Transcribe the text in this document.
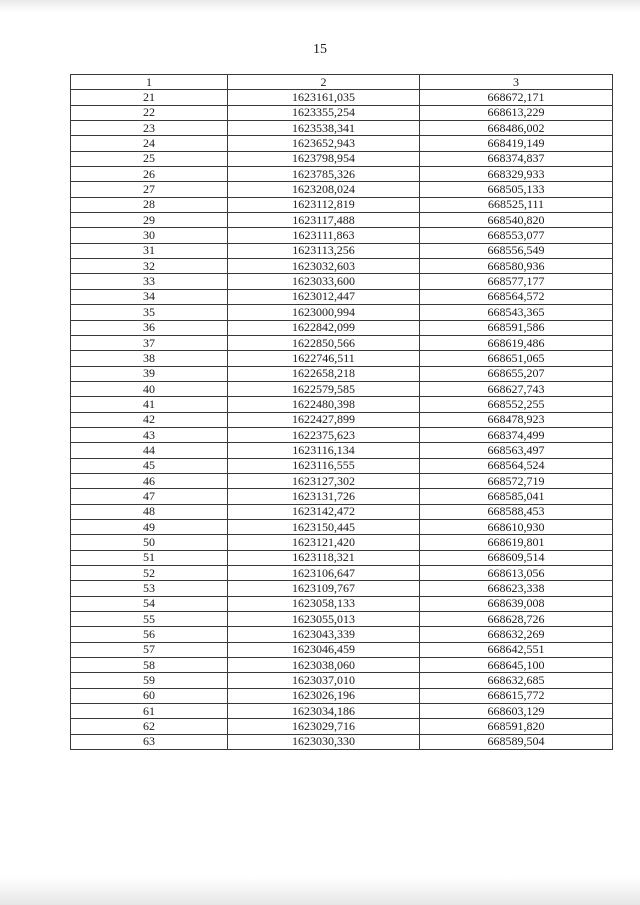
15
1	2	3
21	1623161,035	668672,171
22	1623355,254	668613,229
23	1623538,341	668486,002
24	1623652,943	668419,149
25	1623798,954	668374,837
26	1623785,326	668329,933
27	1623208,024	668505,133
28	1623112,819	668525,111
29	1623117,488	668540,820
30	1623111,863	668553,077
31	1623113,256	668556,549
32	1623032,603	668580,936
33	1623033,600	668577,177
34	1623012,447	668564,572
35	1623000,994	668543,365
36	1622842,099	668591,586
37	1622850,566	668619,486
38	1622746,511	668651,065
39	1622658,218	668655,207
40	1622579,585	668627,743
41	1622480,398	668552,255
42	1622427,899	668478,923
43	1622375,623	668374,499
44	1623116,134	668563,497
45	1623116,555	668564,524
46	1623127,302	668572,719
47	1623131,726	668585,041
48	1623142,472	668588,453
49	1623150,445	668610,930
50	1623121,420	668619,801
51	1623118,321	668609,514
52	1623106,647	668613,056
53	1623109,767	668623,338
54	1623058,133	668639,008
55	1623055,013	668628,726
56	1623043,339	668632,269
57	1623046,459	668642,551
58	1623038,060	668645,100
59	1623037,010	668632,685
60	1623026,196	668615,772
61	1623034,186	668603,129
62	1623029,716	668591,820
63	1623030,330	668589,504
